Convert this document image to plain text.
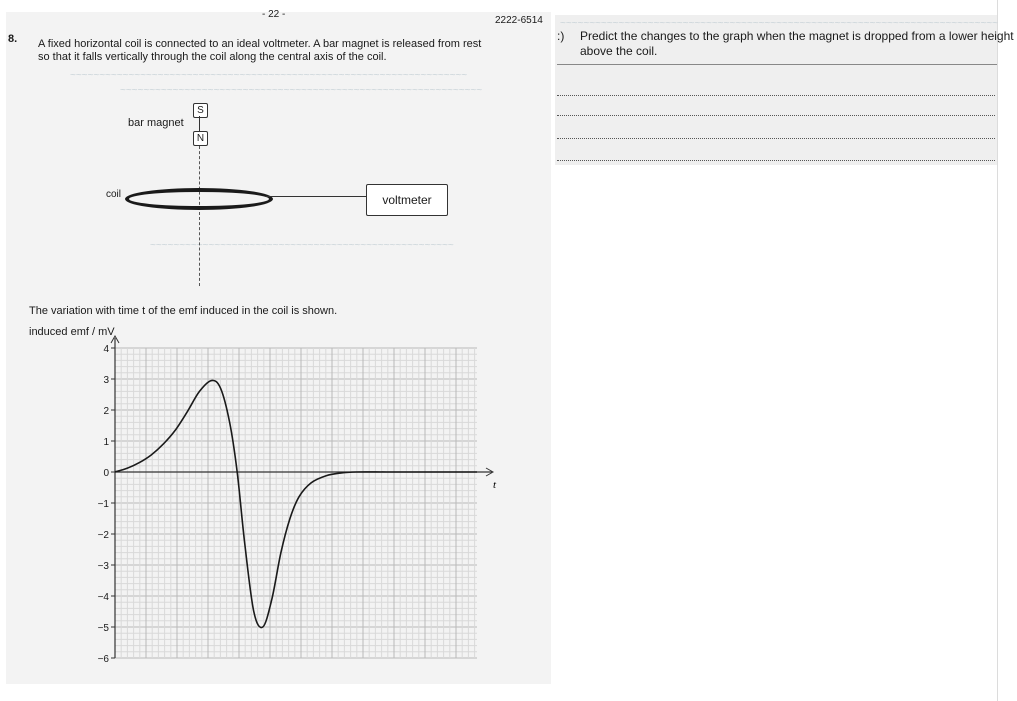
~~~~~~~~~~~~~~~~~~~~~~~~~~~~~~~~~~~~~~~~~~~~~~~~~~~~~~~~~~~~~~~~~~~~
~~~~~~~~~~~~~~~~~~~~~~~~~~~~~~~~~~~~~~~~~~~~~~~~~~~~~~~~~~~~~~
~~~~~~~~~~~~~~~~~~~~~~~~~~~~~~~~~~~~~~~~~~~~~~~~~~~~
~~~~~~~~~~~~~~~~~~~~~~~~~~~~~~~~~~~~~~~~~~~~~~~~~~~~~~~~~~~~~~~~~~~~~~~~~~~
- 22 -
2222-6514
8. A fixed horizontal coil is connected to an ideal voltmeter. A bar magnet is released from rest
so that it falls vertically through the coil along the central axis of the coil.
bar magnet
S
N
coil	voltmeter
The variation with time t of the emf induced in the coil is shown.
induced emf / mV
4
3
2
1
0
−1
−2
−3
−4
−5
−6
t
:) Predict the changes to the graph when the magnet is dropped from a lower height
above the coil.
